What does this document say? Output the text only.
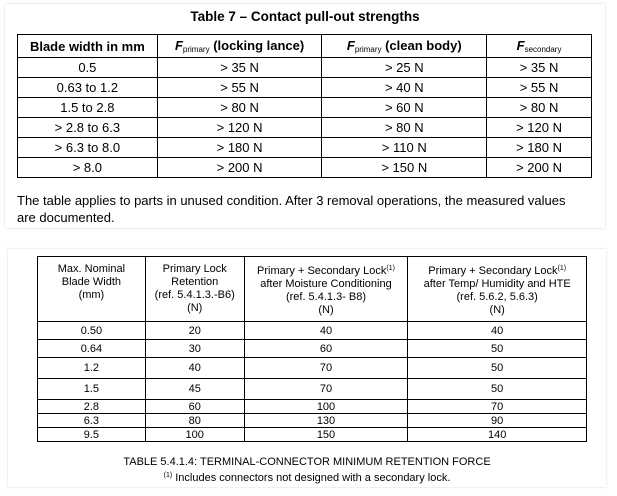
Table 7 – Contact pull-out strengths
Blade width in mm	Fprimary (locking lance)	Fprimary (clean body)	Fsecondary
0.5	> 35 N	> 25 N	> 35 N
0.63 to 1.2	> 55 N	> 40 N	> 55 N
1.5 to 2.8	> 80 N	> 60 N	> 80 N
> 2.8 to 6.3	> 120 N	> 80 N	> 120 N
> 6.3 to 8.0	> 180 N	> 110 N	> 180 N
> 8.0	> 200 N	> 150 N	> 200 N
The table applies to parts in unused condition. After 3 removal operations, the measured values
are documented.
Max. Nominal
Blade Width
(mm)	Primary Lock
Retention
(ref. 5.4.1.3.-B6)
(N)	Primary + Secondary Lock$^{(1)}$
after Moisture Conditioning
(ref. 5.4.1.3- B8)
(N)	Primary + Secondary Lock$^{(1)}$
after Temp/ Humidity and HTE
(ref. 5.6.2, 5.6.3)
(N)

0.50	20	40	40
0.64	30	60	50
1.2	40	70	50
1.5	45	70	50
2.8	60	100	70
6.3	80	130	90
9.5	100	150	140
TABLE 5.4.1.4: TERMINAL-CONNECTOR MINIMUM RETENTION FORCE
$^{(1)}$ Includes connectors not designed with a secondary lock.
